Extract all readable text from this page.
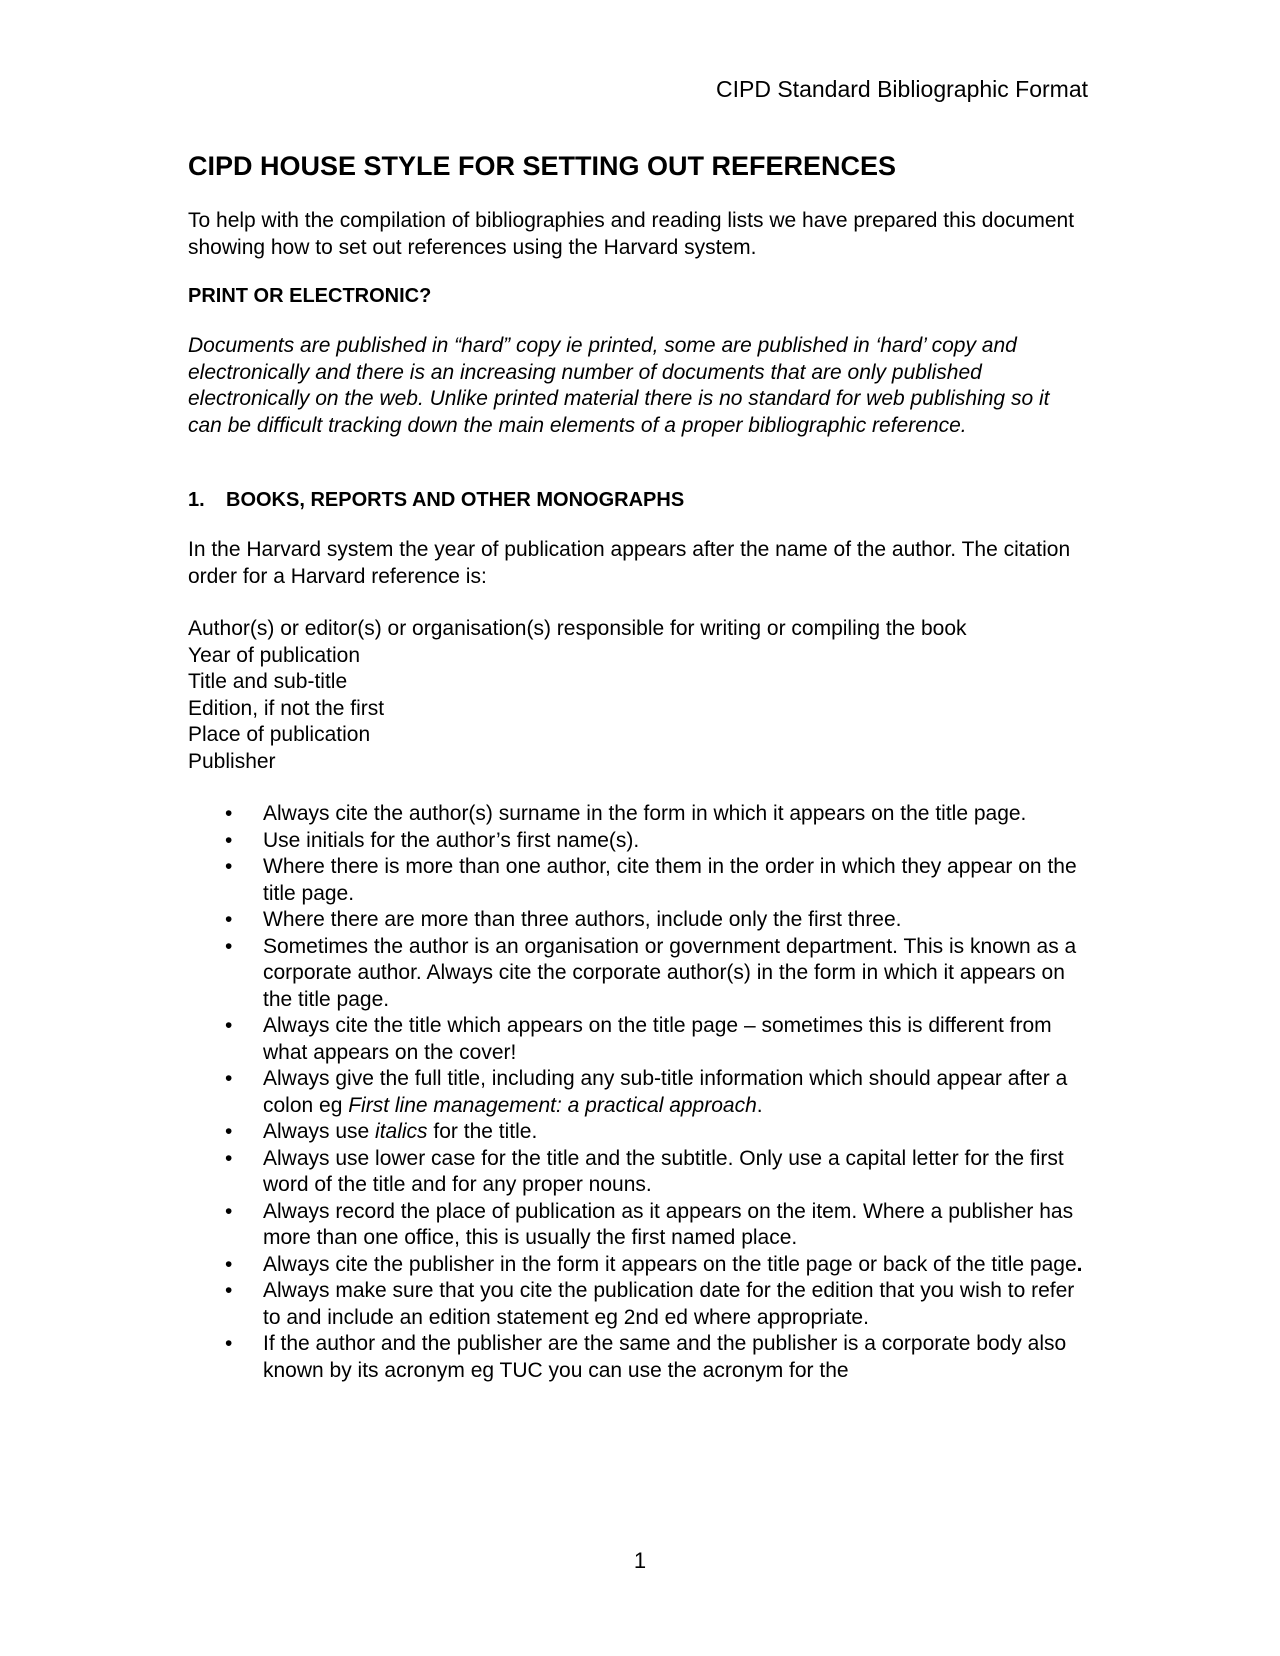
CIPD Standard Bibliographic Format
CIPD HOUSE STYLE FOR SETTING OUT REFERENCES

To help with the compilation of bibliographies and reading lists we have prepared this document showing how to set out references using the Harvard system.

PRINT OR ELECTRONIC?

Documents are published in “hard” copy ie printed, some are published in ‘hard’ copy and electronically and there is an increasing number of documents that are only published electronically on the web. Unlike printed material there is no standard for web publishing so it can be difficult tracking down the main elements of a proper bibliographic reference.

1. BOOKS, REPORTS AND OTHER MONOGRAPHS

In the Harvard system the year of publication appears after the name of the author. The citation order for a Harvard reference is:

Author(s) or editor(s) or organisation(s) responsible for writing or compiling the book
Year of publication
Title and sub-title
Edition, if not the first
Place of publication
Publisher
• Always cite the author(s) surname in the form in which it appears on the title page.
• Use initials for the author’s first name(s).
• Where there is more than one author, cite them in the order in which they appear on the title page.
• Where there are more than three authors, include only the first three.
• Sometimes the author is an organisation or government department. This is known as a corporate author. Always cite the corporate author(s) in the form in which it appears on the title page.
• Always cite the title which appears on the title page – sometimes this is different from what appears on the cover!
• Always give the full title, including any sub-title information which should appear after a colon eg First line management: a practical approach.
• Always use italics for the title.
• Always use lower case for the title and the subtitle. Only use a capital letter for the first word of the title and for any proper nouns.
• Always record the place of publication as it appears on the item. Where a publisher has more than one office, this is usually the first named place.
• Always cite the publisher in the form it appears on the title page or back of the title page.
• Always make sure that you cite the publication date for the edition that you wish to refer to and include an edition statement eg 2nd ed where appropriate.
• If the author and the publisher are the same and the publisher is a corporate body also known by its acronym eg TUC you can use the acronym for the
1
